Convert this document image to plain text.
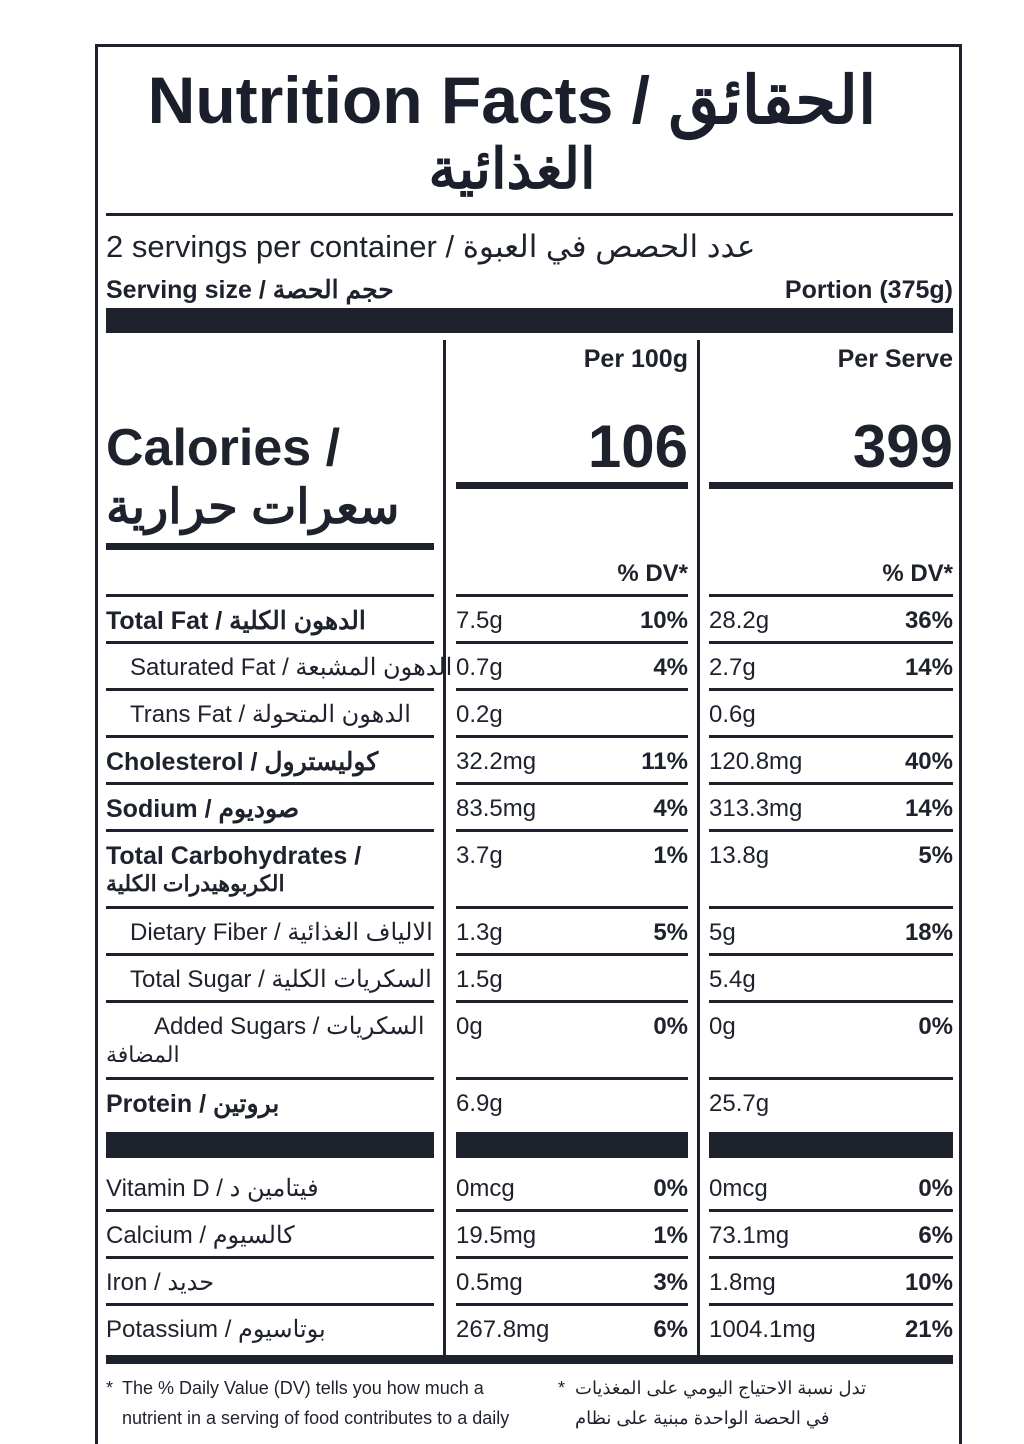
Nutrition Facts / الحقائق
الغذائية
2 servings per container / عدد الحصص في العبوة
Serving size / حجم الحصة	Portion (375g)
Per 100g	Per Serve
Calories /
سعرات حرارية
106	399
% DV*	% DV*
Total Fat / الدهون الكلية	7.5g	10% 28.2g	36%
Saturated Fat / الدهون المشبعة 0.7g	4% 2.7g	14%
Trans Fat / الدهون المتحولة 0.2g	0.6g
Cholesterol / كوليسترول	32.2mg	11% 120.8mg	40%
Sodium / صوديوم	83.5mg	4% 313.3mg	14%
Total Carbohydrates /
الكربوهيدرات الكلية
3.7g	1% 13.8g	5%
Dietary Fiber / الالياف الغذائية 1.3g	5% 5g	18%
Total Sugar / السكريات الكلية 1.5g	5.4g
Added Sugars / السكريات
المضافة
0g	0% 0g	0%
Protein / بروتين	6.9g	25.7g
Vitamin D / فيتامين د	0mcg	0% 0mcg	0%
Calcium / كالسيوم	19.5mg	1% 73.1mg	6%
Iron / حديد	0.5mg	3% 1.8mg	10%
Potassium / بوتاسيوم	267.8mg	6% 1004.1mg	21%
* The % Daily Value (DV) tells you how much a
nutrient in a serving of food contributes to a daily
* تدل نسبة الاحتياج اليومي على المغذيات
في الحصة الواحدة مبنية على نظام
